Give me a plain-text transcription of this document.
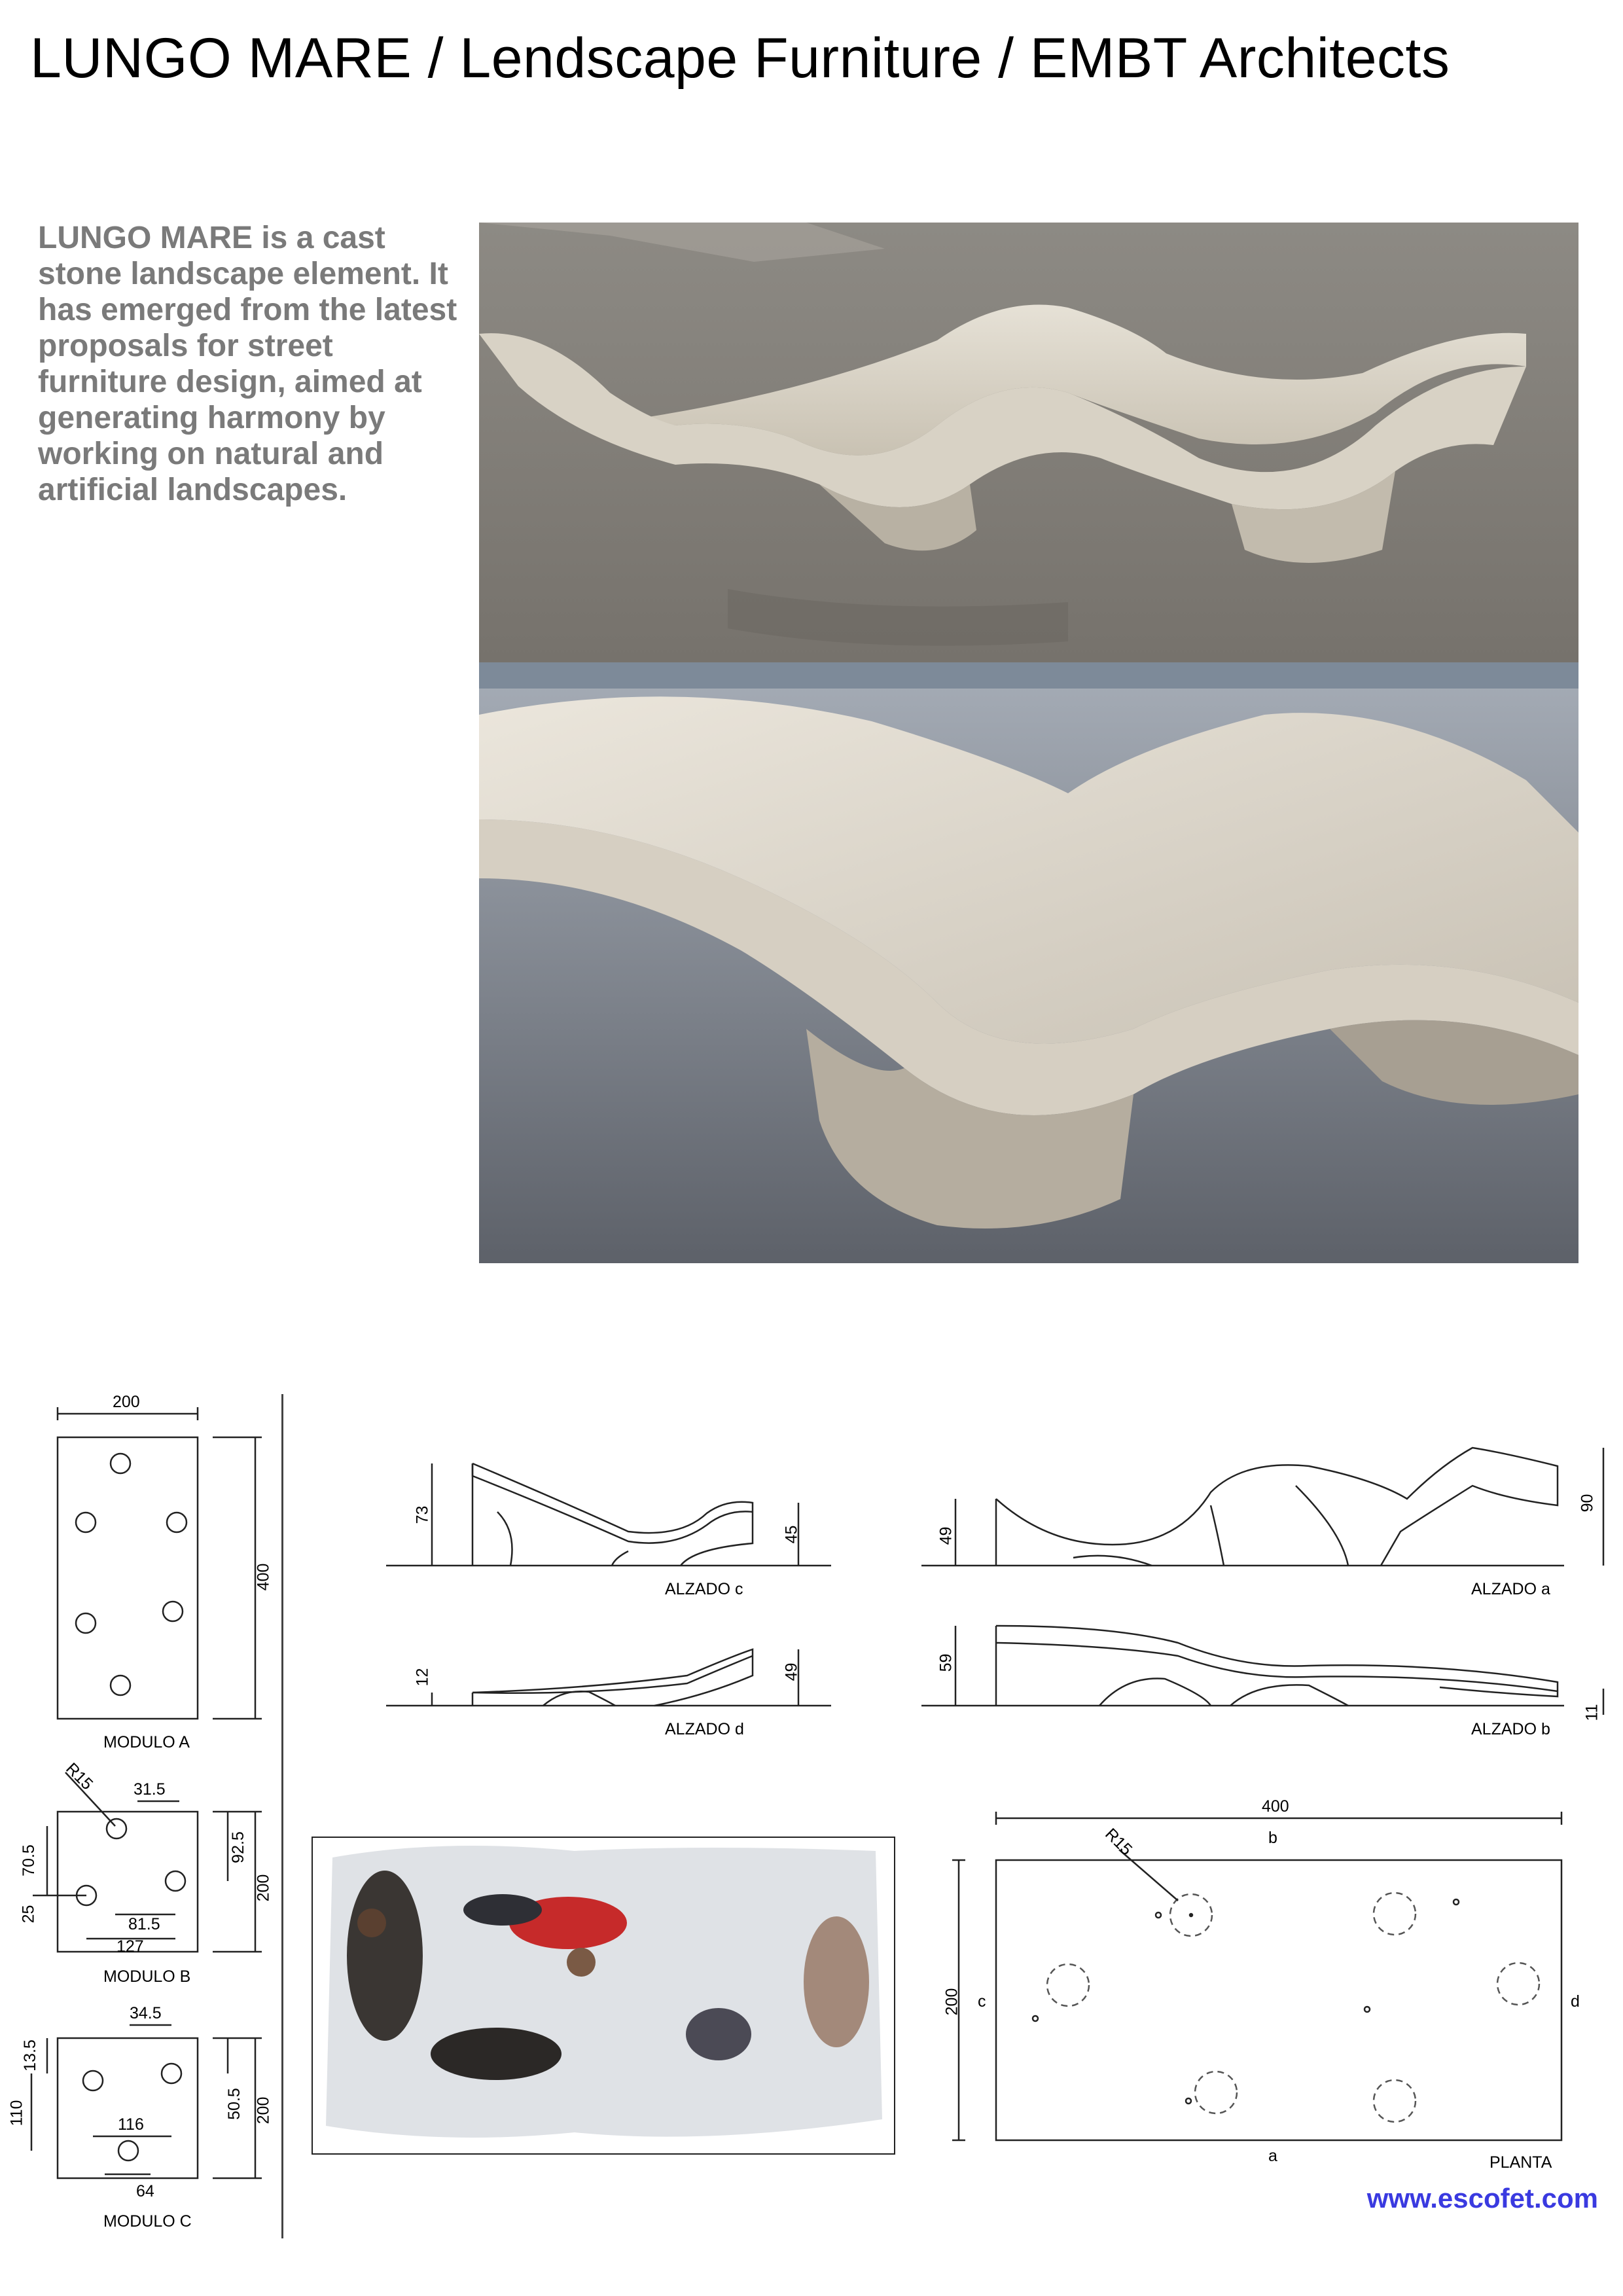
LUNGO MARE / Lendscape Furniture / EMBT Architects
LUNGO MARE is a cast stone landscape element. It has emerged from the latest proposals for street furniture design, aimed at generating harmony by working on natural and artificial landscapes.
MODULO A
200
400
MODULO B
R15 31.5
70.5
25
81.5
127
92.5
200
MODULO C
34.5
13.5
110	116
64
50.5 200
ALZADO c
73
45
ALZADO d
12	49
ALZADO a
49
90
ALZADO b
59
11
PLANTA
400
b
a
c	d
200
R15
www.escofet.com
